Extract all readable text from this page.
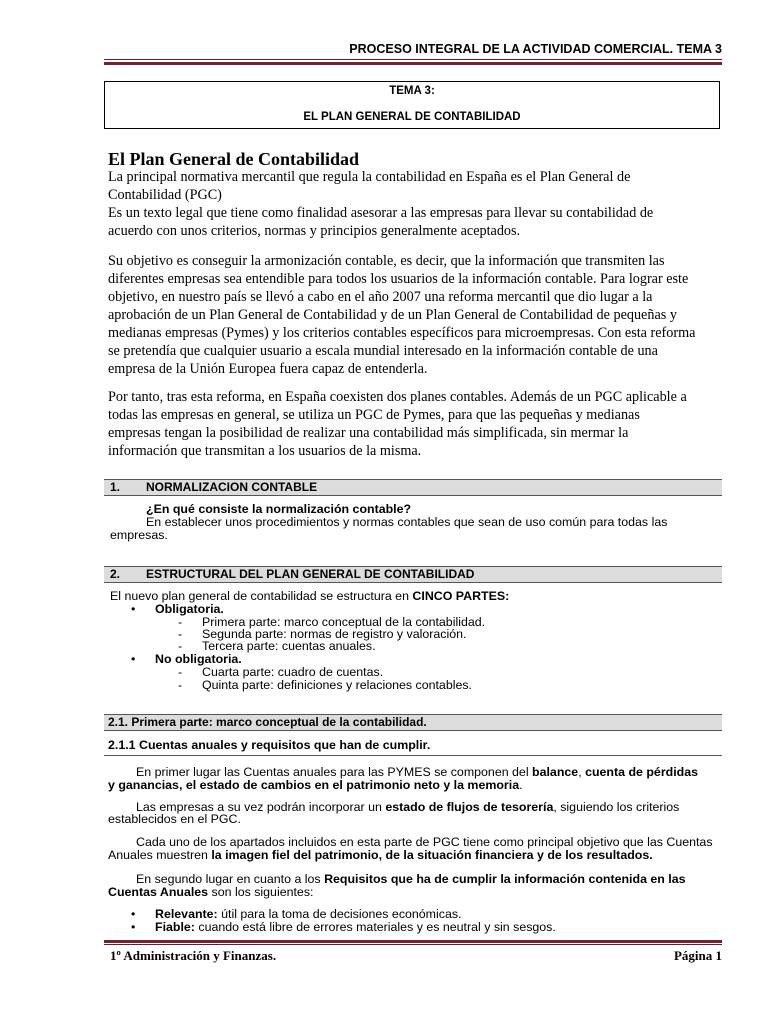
PROCESO INTEGRAL DE LA ACTIVIDAD COMERCIAL. TEMA 3
TEMA 3:
EL PLAN GENERAL DE CONTABILIDAD
El Plan General de Contabilidad
La principal normativa mercantil que regula la contabilidad en España es el Plan General de
Contabilidad (PGC)
Es un texto legal que tiene como finalidad asesorar a las empresas para llevar su contabilidad de
acuerdo con unos criterios, normas y principios generalmente aceptados.
Su objetivo es conseguir la armonización contable, es decir, que la información que transmiten las
diferentes empresas sea entendible para todos los usuarios de la información contable. Para lograr este
objetivo, en nuestro país se llevó a cabo en el año 2007 una reforma mercantil que dio lugar a la
aprobación de un Plan General de Contabilidad y de un Plan General de Contabilidad de pequeñas y
medianas empresas (Pymes) y los criterios contables específicos para microempresas. Con esta reforma
se pretendía que cualquier usuario a escala mundial interesado en la información contable de una
empresa de la Unión Europea fuera capaz de entenderla.
Por tanto, tras esta reforma, en España coexisten dos planes contables. Además de un PGC aplicable a
todas las empresas en general, se utiliza un PGC de Pymes, para que las pequeñas y medianas
empresas tengan la posibilidad de realizar una contabilidad más simplificada, sin mermar la
información que transmitan a los usuarios de la misma.
1. NORMALIZACION CONTABLE
¿En qué consiste la normalización contable?
En establecer unos procedimientos y normas contables que sean de uso común para todas las
empresas.
2. ESTRUCTURAL DEL PLAN GENERAL DE CONTABILIDAD
El nuevo plan general de contabilidad se estructura en CINCO PARTES:
• Obligatoria.
- Primera parte: marco conceptual de la contabilidad.
- Segunda parte: normas de registro y valoración.
- Tercera parte: cuentas anuales.
• No obligatoria.
- Cuarta parte: cuadro de cuentas.
- Quinta parte: definiciones y relaciones contables.
2.1. Primera parte: marco conceptual de la contabilidad.
2.1.1 Cuentas anuales y requisitos que han de cumplir.
En primer lugar las Cuentas anuales para las PYMES se componen del balance, cuenta de pérdidas
y ganancias, el estado de cambios en el patrimonio neto y la memoria.
Las empresas a su vez podrán incorporar un estado de flujos de tesorería, siguiendo los criterios
establecidos en el PGC.
Cada uno de los apartados incluidos en esta parte de PGC tiene como principal objetivo que las Cuentas
Anuales muestren la imagen fiel del patrimonio, de la situación financiera y de los resultados.
En segundo lugar en cuanto a los Requisitos que ha de cumplir la información contenida en las
Cuentas Anuales son los siguientes:
• Relevante: útil para la toma de decisiones económicas.
• Fiable: cuando está libre de errores materiales y es neutral y sin sesgos.
1º Administración y Finanzas.	Página 1
